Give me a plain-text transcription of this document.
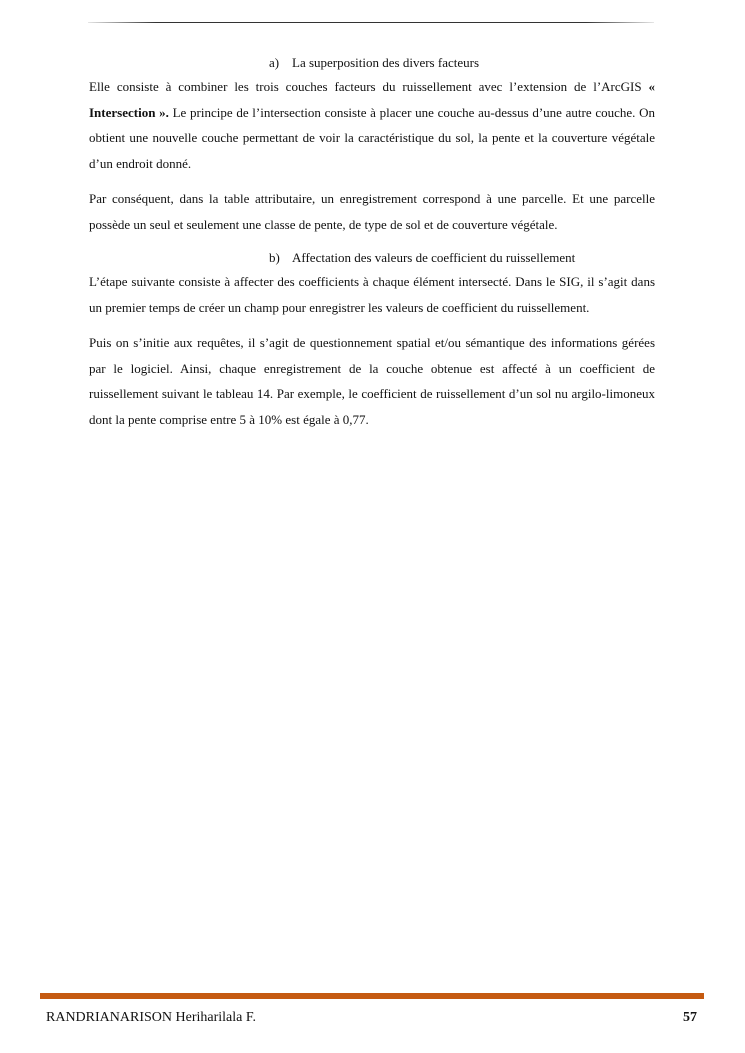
a) La superposition des divers facteurs

Elle consiste à combiner les trois couches facteurs du ruissellement avec l’extension de l’ArcGIS « Intersection ». Le principe de l’intersection consiste à placer une couche au-dessus d’une autre couche. On obtient une nouvelle couche permettant de voir la caractéristique du sol, la pente et la couverture végétale d’un endroit donné.

Par conséquent, dans la table attributaire, un enregistrement correspond à une parcelle. Et une parcelle possède un seul et seulement une classe de pente, de type de sol et de couverture végétale.

b) Affectation des valeurs de coefficient du ruissellement

L’étape suivante consiste à affecter des coefficients à chaque élément intersecté. Dans le SIG, il s’agit dans un premier temps de créer un champ pour enregistrer les valeurs de coefficient du ruissellement.

Puis on s’initie aux requêtes, il s’agit de questionnement spatial et/ou sémantique des informations gérées par le logiciel. Ainsi, chaque enregistrement de la couche obtenue est affecté à un coefficient de ruissellement suivant le tableau 14. Par exemple, le coefficient de ruissellement d’un sol nu argilo-limoneux dont la pente comprise entre 5 à 10% est égale à 0,77.

RANDRIANARISON Heriharilala F.	57
